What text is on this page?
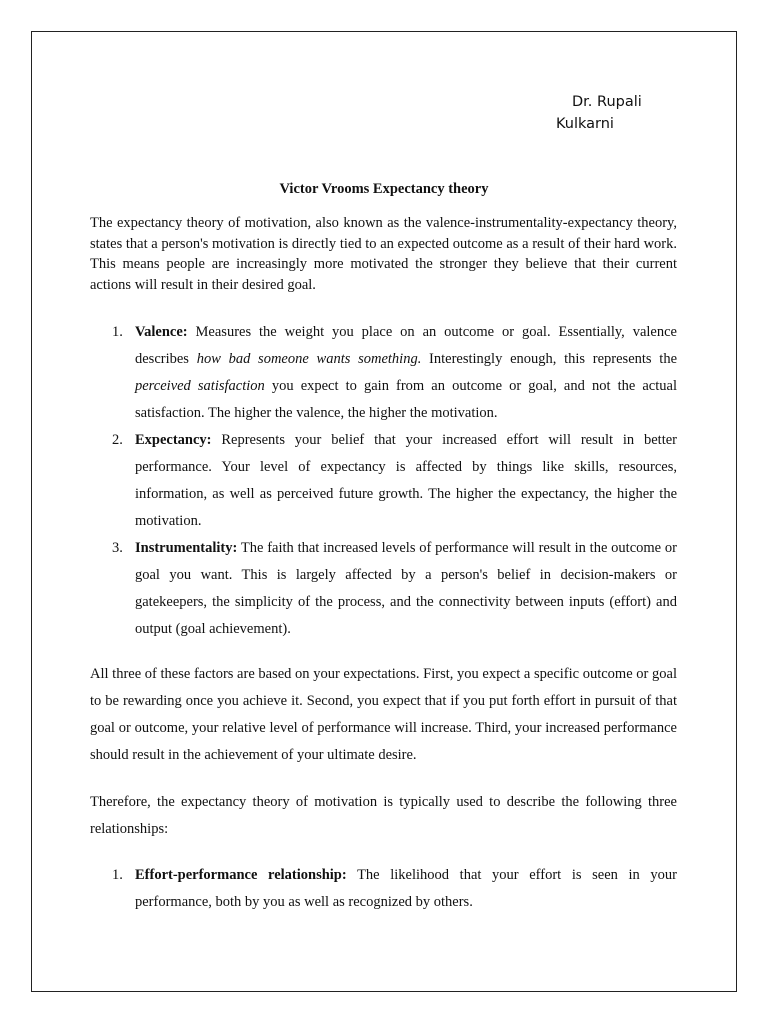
Dr. Rupali
Kulkarni
Victor Vrooms Expectancy theory

The expectancy theory of motivation, also known as the valence-instrumentality-expectancy theory, states that a person's motivation is directly tied to an expected outcome as a result of their hard work. This means people are increasingly more motivated the stronger they believe that their current actions will result in their desired goal.

1. Valence: Measures the weight you place on an outcome or goal. Essentially, valence describes how bad someone wants something. Interestingly enough, this represents the perceived satisfaction you expect to gain from an outcome or goal, and not the actual satisfaction. The higher the valence, the higher the motivation.
2. Expectancy: Represents your belief that your increased effort will result in better performance. Your level of expectancy is affected by things like skills, resources, information, as well as perceived future growth. The higher the expectancy, the higher the motivation.
3. Instrumentality: The faith that increased levels of performance will result in the outcome or goal you want. This is largely affected by a person's belief in decision-makers or gatekeepers, the simplicity of the process, and the connectivity between inputs (effort) and output (goal achievement).

All three of these factors are based on your expectations. First, you expect a specific outcome or goal to be rewarding once you achieve it. Second, you expect that if you put forth effort in pursuit of that goal or outcome, your relative level of performance will increase. Third, your increased performance should result in the achievement of your ultimate desire.

Therefore, the expectancy theory of motivation is typically used to describe the following three relationships:

1. Effort-performance relationship: The likelihood that your effort is seen in your performance, both by you as well as recognized by others.
